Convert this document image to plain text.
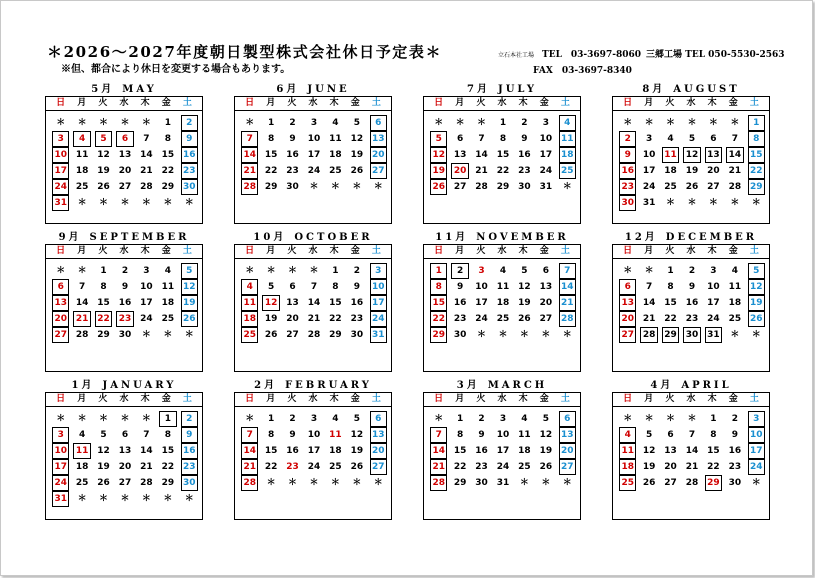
＊2026～2027年度朝日製型株式会社休日予定表＊
※但、都合により休日を変更する場合もあります。
立石本社工場 TEL　03-3697-8060
FAX　03-3697-8340
三郷工場 TEL 050-5530-2563
5月 MAY
日	月	火	水	木	金	土
＊	＊	＊	＊	＊	1	2
3	4	5	6	7	8	9
10 11 12 13 14 15 16
17 18 19 20 21 22 23
24 25 26 27 28 29 30
31	＊	＊	＊	＊	＊	＊
6月 JUNE
日	月	火	水	木	金	土
＊	1	2	3	4	5	6
7	8	9	10 11 12 13
14 15 16 17 18 19 20
21 22 23 24 25 26 27
28 29 30	＊	＊	＊	＊
7月 JULY
日	月	火	水	木	金	土
＊	＊	＊	1	2	3	4
5	6	7	8	9	10 11
12 13 14 15 16 17 18
19 20 21 22 23 24 25
26 27 28 29 30 31	＊
8月 AUGUST
日	月	火	水	木	金	土
＊	＊	＊	＊	＊	＊	1
2	3	4	5	6	7	8
9	10 11 12 13 14 15
16 17 18 19 20 21 22
23 24 25 26 27 28 29
30 31	＊	＊	＊	＊	＊
9月 SEPTEMBER
日	月	火	水	木	金	土
＊	＊	1	2	3	4	5
6	7	8	9	10 11 12
13 14 15 16 17 18 19
20 21 22 23 24 25 26
27 28 29 30	＊	＊	＊
10月 OCTOBER
日	月	火	水	木	金	土
＊	＊	＊	＊	1	2	3
4	5	6	7	8	9	10
11 12 13 14 15 16 17
18 19 20 21 22 23 24
25 26 27 28 29 30 31
11月 NOVEMBER
日	月	火	水	木	金	土
1	2	3	4	5	6	7
8	9	10 11 12 13 14
15 16 17 18 19 20 21
22 23 24 25 26 27 28
29 30	＊	＊	＊	＊	＊
12月 DECEMBER
日	月	火	水	木	金	土
＊	＊	1	2	3	4	5
6	7	8	9	10 11 12
13 14 15 16 17 18 19
20 21 22 23 24 25 26
27 28 29 30 31	＊	＊
1月 JANUARY
日	月	火	水	木	金	土
＊	＊	＊	＊	＊	1	2
3	4	5	6	7	8	9
10 11 12 13 14 15 16
17 18 19 20 21 22 23
24 25 26 27 28 29 30
31	＊	＊	＊	＊	＊	＊
2月 FEBRUARY
日	月	火	水	木	金	土
＊	1	2	3	4	5	6
7	8	9	10 11 12 13
14 15 16 17 18 19 20
21 22 23 24 25 26 27
28	＊	＊	＊	＊	＊	＊
3月 MARCH
日	月	火	水	木	金	土
＊	1	2	3	4	5	6
7	8	9	10 11 12 13
14 15 16 17 18 19 20
21 22 23 24 25 26 27
28 29 30 31	＊	＊	＊
4月 APRIL
日	月	火	水	木	金	土
＊	＊	＊	＊	1	2	3
4	5	6	7	8	9	10
11 12 13 14 15 16 17
18 19 20 21 22 23 24
25 26 27 28 29 30	＊
